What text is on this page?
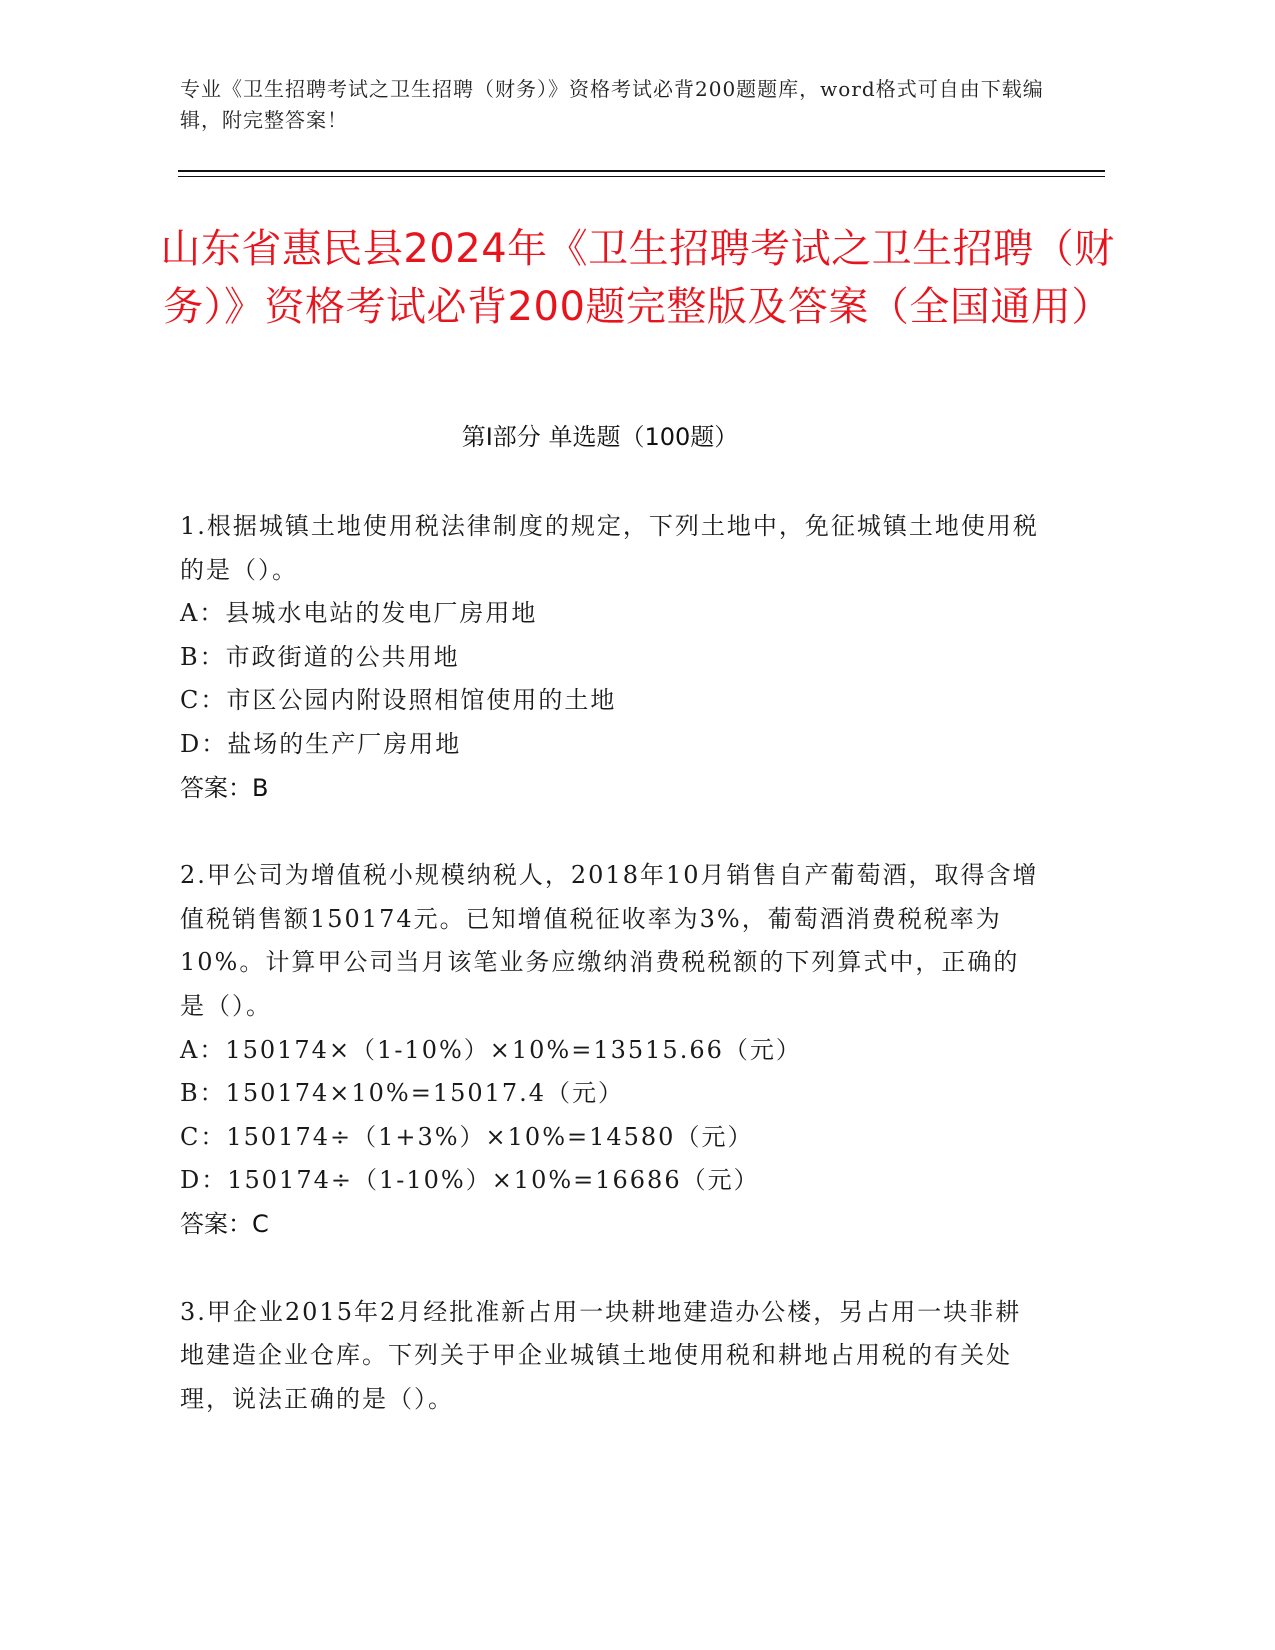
专业《卫生招聘考试之卫生招聘（财务）》资格考试必背200题题库，word格式可自由下载编辑，附完整答案！
山东省惠民县2024年《卫生招聘考试之卫生招聘（财务）》资格考试必背200题完整版及答案（全国通用）
第Ⅰ部分 单选题（100题）
1.根据城镇土地使用税法律制度的规定，下列土地中，免征城镇土地使用税的是（）。
A：县城水电站的发电厂房用地
B：市政街道的公共用地
C：市区公园内附设照相馆使用的土地
D：盐场的生产厂房用地
答案：B
2.甲公司为增值税小规模纳税人，2018年10月销售自产葡萄酒，取得含增值税销售额150174元。已知增值税征收率为3%，葡萄酒消费税税率为10%。计算甲公司当月该笔业务应缴纳消费税税额的下列算式中，正确的是（）。
A：150174×（1-10%）×10%=13515.66（元）
B：150174×10%=15017.4（元）
C：150174÷（1+3%）×10%=14580（元）
D：150174÷（1-10%）×10%=16686（元）
答案：C
3.甲企业2015年2月经批准新占用一块耕地建造办公楼，另占用一块非耕地建造企业仓库。下列关于甲企业城镇土地使用税和耕地占用税的有关处理，说法正确的是（）。
